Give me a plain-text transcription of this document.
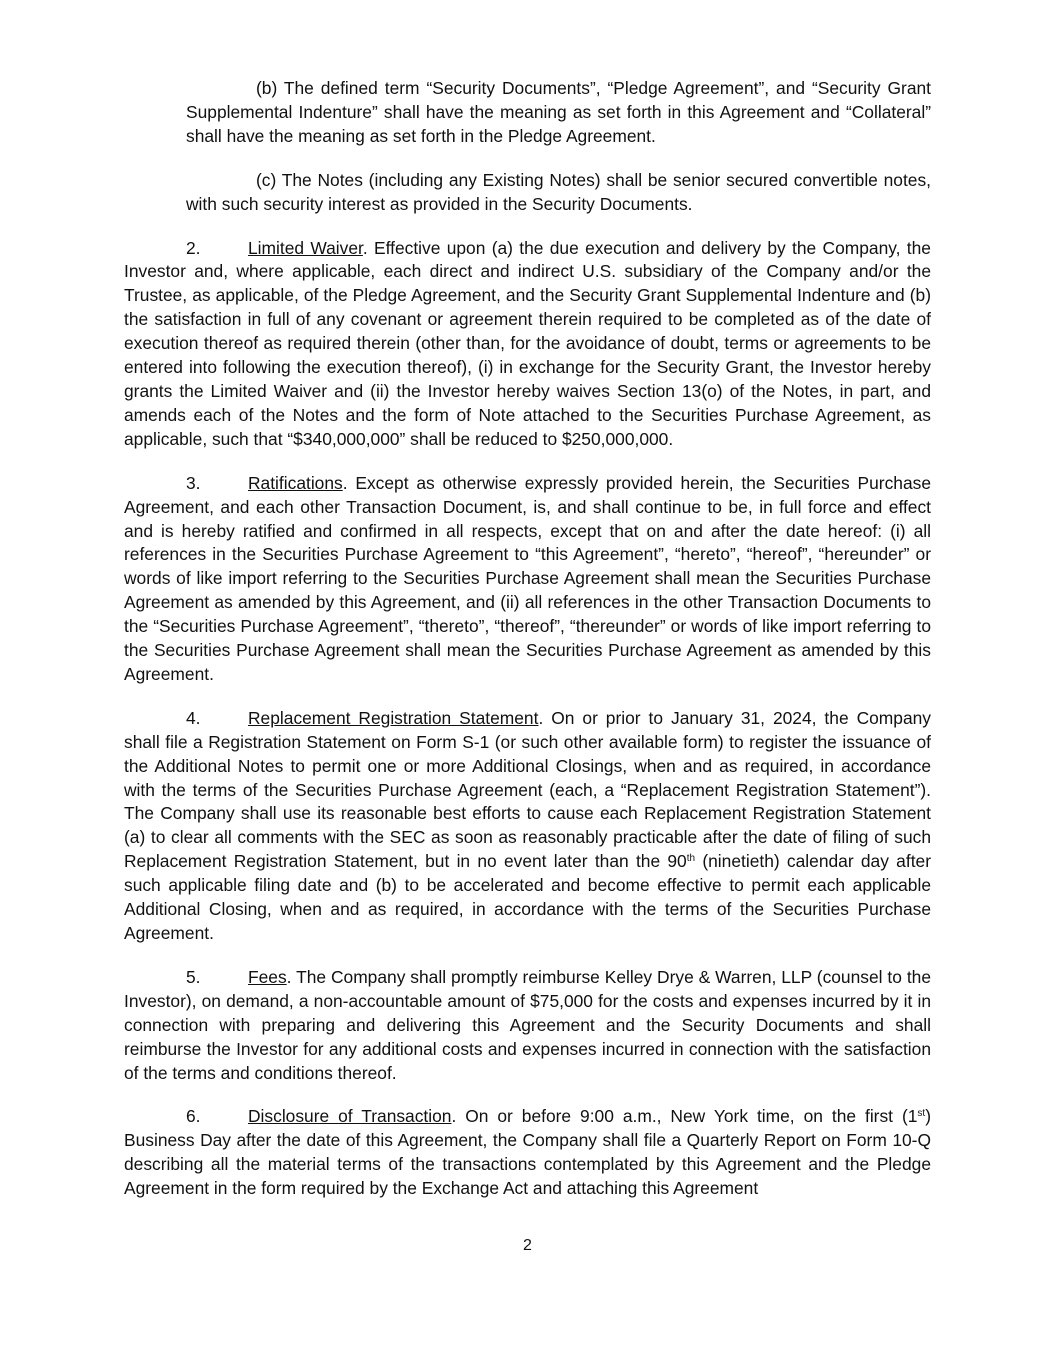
(b) The defined term “Security Documents”, “Pledge Agreement”, and “Security Grant Supplemental Indenture” shall have the meaning as set forth in this Agreement and “Collateral” shall have the meaning as set forth in the Pledge Agreement.

(c) The Notes (including any Existing Notes) shall be senior secured convertible notes, with such security interest as provided in the Security Documents.

2.	Limited Waiver. Effective upon (a) the due execution and delivery by the Company, the Investor and, where applicable, each direct and indirect U.S. subsidiary of the Company and/or the Trustee, as applicable, of the Pledge Agreement, and the Security Grant Supplemental Indenture and (b) the satisfaction in full of any covenant or agreement therein required to be completed as of the date of execution thereof as required therein (other than, for the avoidance of doubt, terms or agreements to be entered into following the execution thereof), (i) in exchange for the Security Grant, the Investor hereby grants the Limited Waiver and (ii) the Investor hereby waives Section 13(o) of the Notes, in part, and amends each of the Notes and the form of Note attached to the Securities Purchase Agreement, as applicable, such that “$340,000,000” shall be reduced to $250,000,000.

3.	Ratifications. Except as otherwise expressly provided herein, the Securities Purchase Agreement, and each other Transaction Document, is, and shall continue to be, in full force and effect and is hereby ratified and confirmed in all respects, except that on and after the date hereof: (i) all references in the Securities Purchase Agreement to “this Agreement”, “hereto”, “hereof”, “hereunder” or words of like import referring to the Securities Purchase Agreement shall mean the Securities Purchase Agreement as amended by this Agreement, and (ii) all references in the other Transaction Documents to the “Securities Purchase Agreement”, “thereto”, “thereof”, “thereunder” or words of like import referring to the Securities Purchase Agreement shall mean the Securities Purchase Agreement as amended by this Agreement.

4.	Replacement Registration Statement. On or prior to January 31, 2024, the Company shall file a Registration Statement on Form S-1 (or such other available form) to register the issuance of the Additional Notes to permit one or more Additional Closings, when and as required, in accordance with the terms of the Securities Purchase Agreement (each, a “Replacement Registration Statement”). The Company shall use its reasonable best efforts to cause each Replacement Registration Statement (a) to clear all comments with the SEC as soon as reasonably practicable after the date of filing of such Replacement Registration Statement, but in no event later than the 90th (ninetieth) calendar day after such applicable filing date and (b) to be accelerated and become effective to permit each applicable Additional Closing, when and as required, in accordance with the terms of the Securities Purchase Agreement.

5.	Fees. The Company shall promptly reimburse Kelley Drye & Warren, LLP (counsel to the Investor), on demand, a non-accountable amount of $75,000 for the costs and expenses incurred by it in connection with preparing and delivering this Agreement and the Security Documents and shall reimburse the Investor for any additional costs and expenses incurred in connection with the satisfaction of the terms and conditions thereof.

6.	Disclosure of Transaction. On or before 9:00 a.m., New York time, on the first (1st) Business Day after the date of this Agreement, the Company shall file a Quarterly Report on Form 10-Q describing all the material terms of the transactions contemplated by this Agreement and the Pledge Agreement in the form required by the Exchange Act and attaching this Agreement

2
